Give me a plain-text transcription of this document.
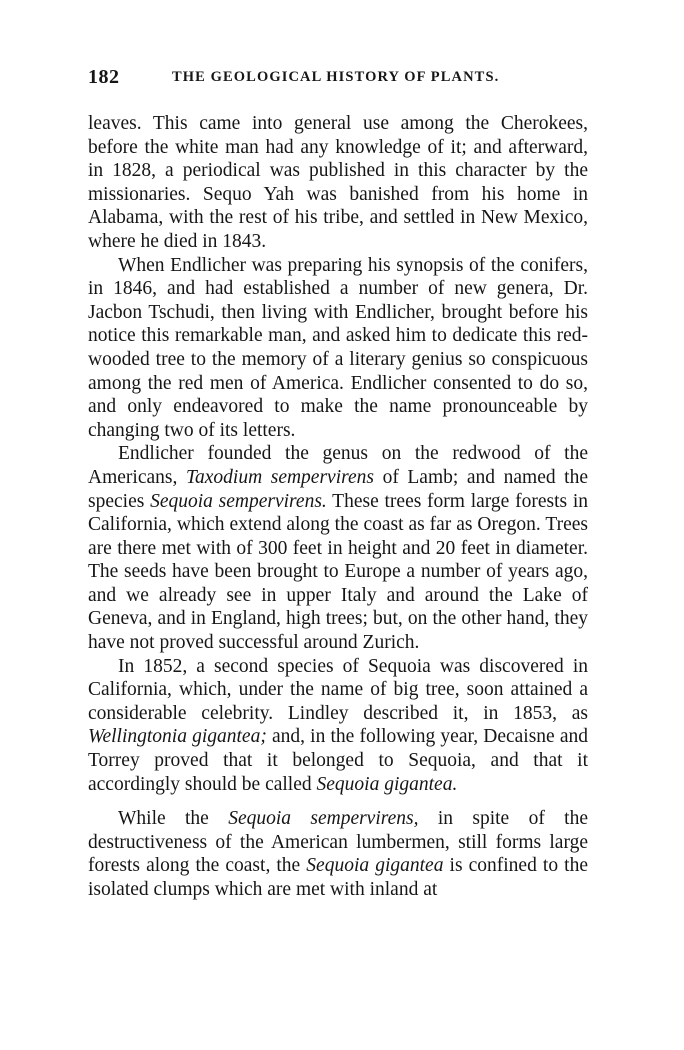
182	THE GEOLOGICAL HISTORY OF PLANTS.

leaves. This came into general use among the Cherokees, before the white man had any knowledge of it; and afterward, in 1828, a periodical was published in this character by the missionaries. Sequo Yah was banished from his home in Alabama, with the rest of his tribe, and settled in New Mexico, where he died in 1843.

When Endlicher was preparing his synopsis of the conifers, in 1846, and had established a number of new genera, Dr. Jacbon Tschudi, then living with Endlicher, brought before his notice this remarkable man, and asked him to dedicate this red-wooded tree to the memory of a literary genius so conspicuous among the red men of America. Endlicher consented to do so, and only endeavored to make the name pronounceable by changing two of its letters.

Endlicher founded the genus on the redwood of the Americans, Taxodium sempervirens of Lamb; and named the species Sequoia sempervirens. These trees form large forests in California, which extend along the coast as far as Oregon. Trees are there met with of 300 feet in height and 20 feet in diameter. The seeds have been brought to Europe a number of years ago, and we already see in upper Italy and around the Lake of Geneva, and in England, high trees; but, on the other hand, they have not proved successful around Zurich.

In 1852, a second species of Sequoia was discovered in California, which, under the name of big tree, soon attained a considerable celebrity. Lindley described it, in 1853, as Wellingtonia gigantea; and, in the following year, Decaisne and Torrey proved that it belonged to Sequoia, and that it accordingly should be called Sequoia gigantea.

While the Sequoia sempervirens, in spite of the destructiveness of the American lumbermen, still forms large forests along the coast, the Sequoia gigantea is confined to the isolated clumps which are met with inland at
